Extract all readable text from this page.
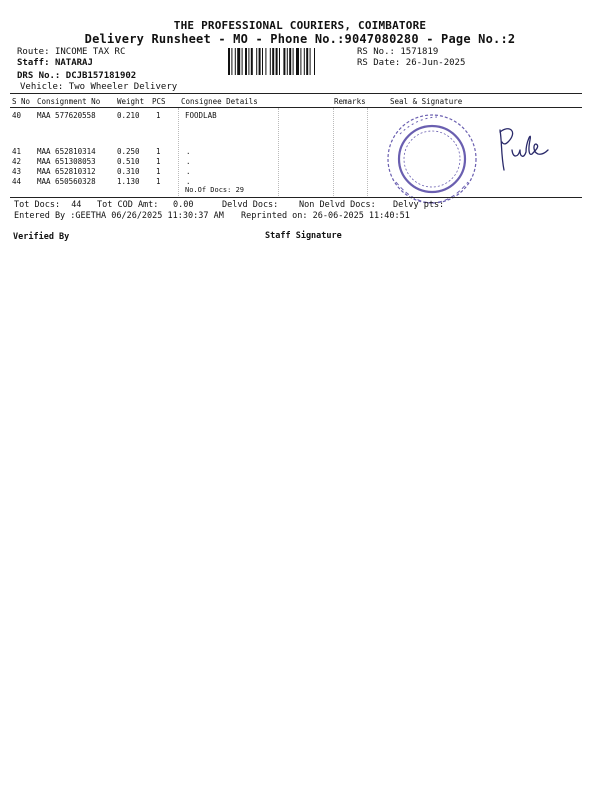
THE PROFESSIONAL COURIERS, COIMBATORE
Delivery Runsheet - MO - Phone No.:9047080280 - Page No.:2
Route: INCOME TAX RC
Staff: NATARAJ
DRS No.: DCJB157181902
Vehicle: Two Wheeler Delivery
RS No.: 1571819
RS Date: 26-Jun-2025
S No Consignment No Weight PCS Consignee Details	Remarks	Seal & Signature
40 MAA 577620558	0.210 1	FOODLAB
41 MAA 652810314	0.250 1	.
42 MAA 651308053	0.510 1	.
43 MAA 652810312	0.310 1	.
44 MAA 650560328	1.130 1	.
No.Of Docs: 29
Tot Docs: 44 Tot COD Amt: 0.00	Delvd Docs: Non Delvd Docs: Delvy pts:
Entered By :GEETHA 06/26/2025 11:30:37 AM Reprinted on: 26-06-2025 11:40:51
Verified By	Staff Signature
